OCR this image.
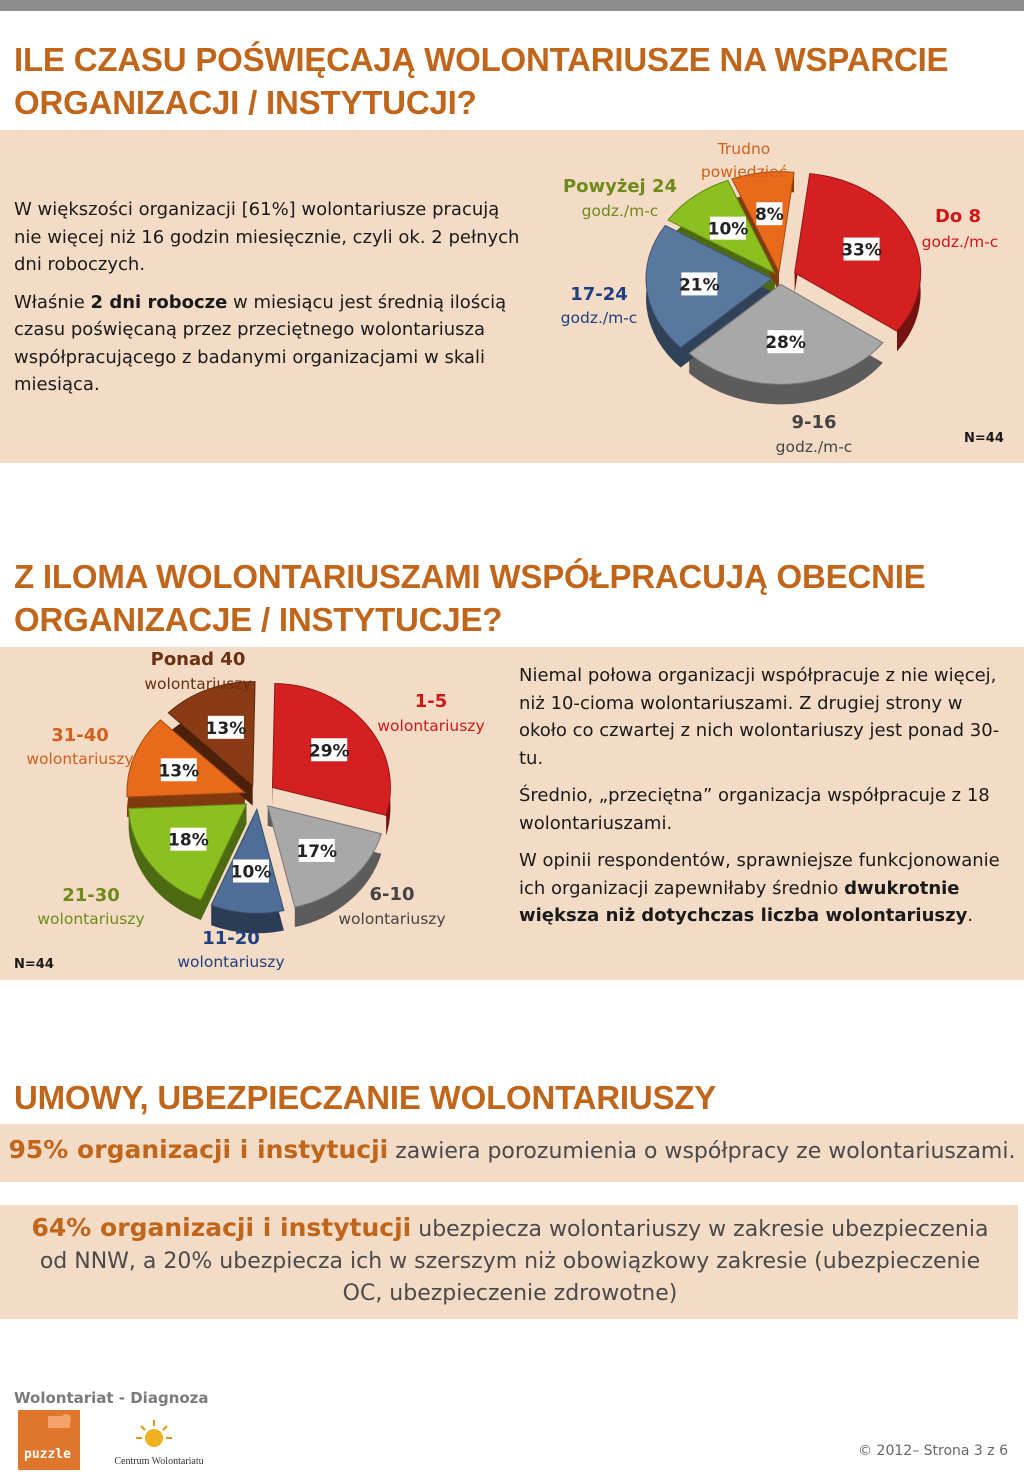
ILE CZASU POŚWIĘCAJĄ WOLONTARIUSZE NA WSPARCIE ORGANIZACJI / INSTYTUCJI?

W większości organizacji [61%] wolontariusze pracują nie więcej niż 16 godzin miesięcznie, czyli ok. 2 pełnych dni roboczych.

Właśnie 2 dni robocze w miesiącu jest średnią ilością czasu poświęcaną przez przeciętnego wolontariusza współpracującego z badanymi organizacjami w skali miesiąca.

33%
28%
21%
10%
8%	Do 8
godz./m-c
9-16
godz./m-c
17-24
godz./m-c
Powyżej 24
godz./m-c
Trudno
powiedzieć
N=44
Z ILOMA WOLONTARIUSZAMI WSPÓŁPRACUJĄ OBECNIE ORGANIZACJE / INSTYTUCJE?
29%
17%
10%
18%
13%
13%
1-5
wolontariuszy
6-10
wolontariuszy
11-20
wolontariuszy
21-30
wolontariuszy
31-40
wolontariuszy
Ponad 40
wolontariuszy
N=44

Niemal połowa organizacji współpracuje z nie więcej, niż 10-cioma wolontariuszami. Z drugiej strony w około co czwartej z nich wolontariuszy jest ponad 30-tu.

Średnio, „przeciętna” organizacja współpracuje z 18 wolontariuszami.

W opinii respondentów, sprawniejsze funkcjonowanie ich organizacji zapewniłaby średnio dwukrotnie większa niż dotychczas liczba wolontariuszy.

UMOWY, UBEZPIECZANIE WOLONTARIUSZY
95% organizacji i instytucji zawiera porozumienia o współpracy ze wolontariuszami.
64% organizacji i instytucji ubezpiecza wolontariuszy w zakresie ubezpieczenia od NNW, a 20% ubezpiecza ich w szerszym niż obowiązkowy zakresie (ubezpieczenie OC, ubezpieczenie zdrowotne)
Wolontariat - Diagnoza
puzzle	Centrum Wolontariatu
© 2012– Strona 3 z 6
